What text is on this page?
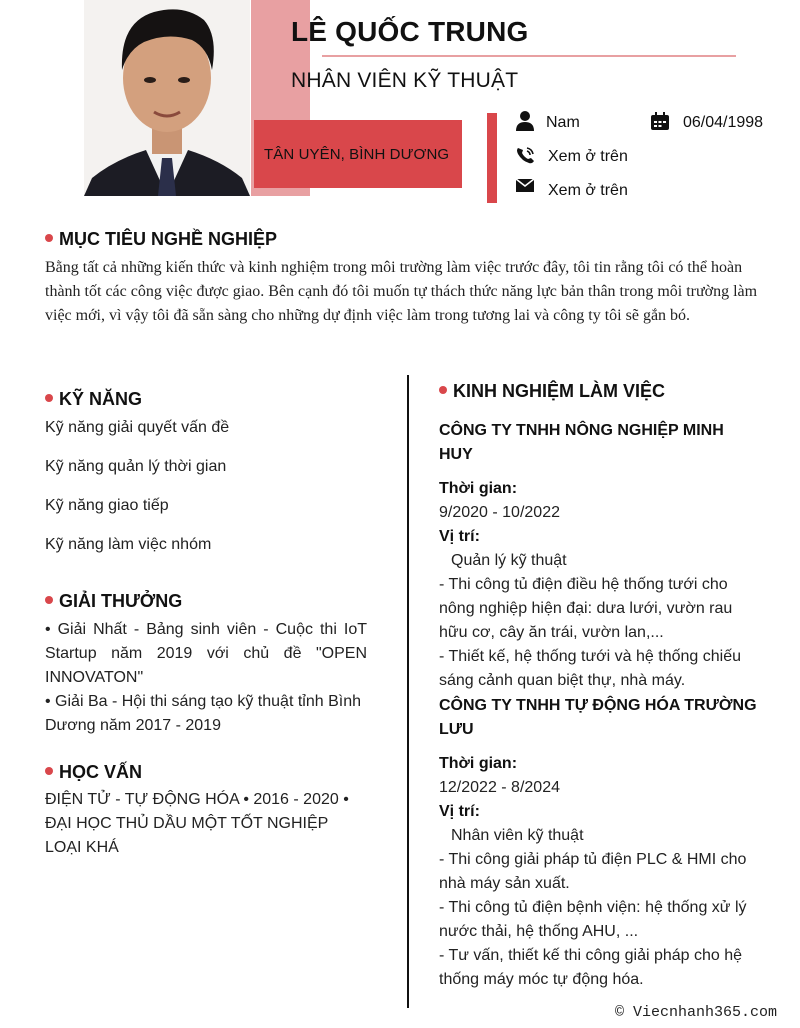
TÂN UYÊN, BÌNH DƯƠNG
LÊ QUỐC TRUNG
NHÂN VIÊN KỸ THUẬT
Nam	06/04/1998
Xem ở trên
Xem ở trên
MỤC TIÊU NGHỀ NGHIỆP
Bằng tất cả những kiến thức và kinh nghiệm trong môi trường làm việc trước đây, tôi tin rằng tôi có thể hoàn thành tốt các công việc được giao. Bên cạnh đó tôi muốn tự thách thức năng lực bản thân trong môi trường làm việc mới, vì vậy tôi đã sẵn sàng cho những dự định việc làm trong tương lai và công ty tôi sẽ gắn bó.
KỸ NĂNG
Kỹ năng giải quyết vấn đề
Kỹ năng quản lý thời gian
Kỹ năng giao tiếp
Kỹ năng làm việc nhóm
GIẢI THƯỞNG
• Giải Nhất - Bảng sinh viên - Cuộc thi IoT Startup năm 2019 với chủ đề "OPEN INNOVATON"
• Giải Ba - Hội thi sáng tạo kỹ thuật tỉnh Bình Dương năm 2017 - 2019
HỌC VẤN
ĐIỆN TỬ - TỰ ĐỘNG HÓA • 2016 - 2020 • ĐẠI HỌC THỦ DẦU MỘT TỐT NGHIỆP LOẠI KHÁ
KINH NGHIỆM LÀM VIỆC
CÔNG TY TNHH NÔNG NGHIỆP MINH HUY
Thời gian:
9/2020 - 10/2022
Vị trí:
Quản lý kỹ thuật
- Thi công tủ điện điều hệ thống tưới cho nông nghiệp hiện đại: dưa lưới, vườn rau hữu cơ, cây ăn trái, vườn lan,...
- Thiết kế, hệ thống tưới và hệ thống chiếu sáng cảnh quan biệt thự, nhà máy.
CÔNG TY TNHH TỰ ĐỘNG HÓA TRƯỜNG LƯU
Thời gian:
12/2022 - 8/2024
Vị trí:
Nhân viên kỹ thuật
- Thi công giải pháp tủ điện PLC & HMI cho nhà máy sản xuất.
- Thi công tủ điện bệnh viện: hệ thống xử lý nước thải, hệ thống AHU, ...
- Tư vấn, thiết kế thi công giải pháp cho hệ thống máy móc tự động hóa.
© Viecnhanh365.com
